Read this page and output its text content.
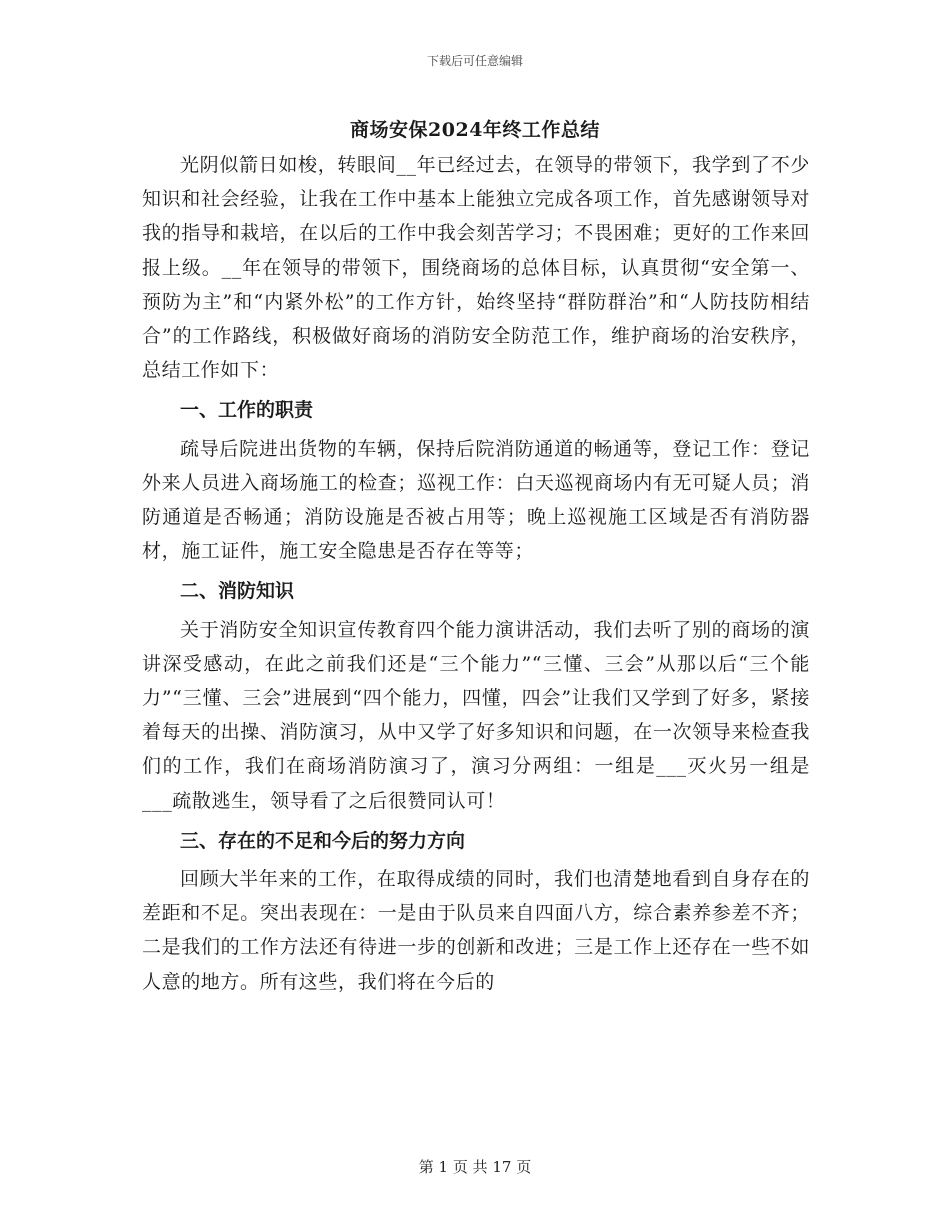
下载后可任意编辑
商场安保2024年终工作总结

光阴似箭日如梭，转眼间__年已经过去，在领导的带领下，我学到了不少知识和社会经验，让我在工作中基本上能独立完成各项工作，首先感谢领导对我的指导和栽培，在以后的工作中我会刻苦学习；不畏困难；更好的工作来回报上级。__年在领导的带领下，围绕商场的总体目标，认真贯彻“安全第一、预防为主”和“内紧外松”的工作方针，始终坚持“群防群治”和“人防技防相结合”的工作路线，积极做好商场的消防安全防范工作，维护商场的治安秩序，总结工作如下：

一、工作的职责

疏导后院进出货物的车辆，保持后院消防通道的畅通等，登记工作：登记外来人员进入商场施工的检查；巡视工作：白天巡视商场内有无可疑人员；消防通道是否畅通；消防设施是否被占用等；晚上巡视施工区域是否有消防器材，施工证件，施工安全隐患是否存在等等；

二、消防知识

关于消防安全知识宣传教育四个能力演讲活动，我们去听了别的商场的演讲深受感动，在此之前我们还是“三个能力”“三懂、三会”从那以后“三个能力”“三懂、三会”进展到“四个能力，四懂，四会”让我们又学到了好多，紧接着每天的出操、消防演习，从中又学了好多知识和问题，在一次领导来检查我们的工作，我们在商场消防演习了，演习分两组：一组是___灭火另一组是___疏散逃生，领导看了之后很赞同认可！

三、存在的不足和今后的努力方向

回顾大半年来的工作，在取得成绩的同时，我们也清楚地看到自身存在的差距和不足。突出表现在：一是由于队员来自四面八方，综合素养参差不齐；二是我们的工作方法还有待进一步的创新和改进；三是工作上还存在一些不如人意的地方。所有这些，我们将在今后的

第 1 页 共 17 页
